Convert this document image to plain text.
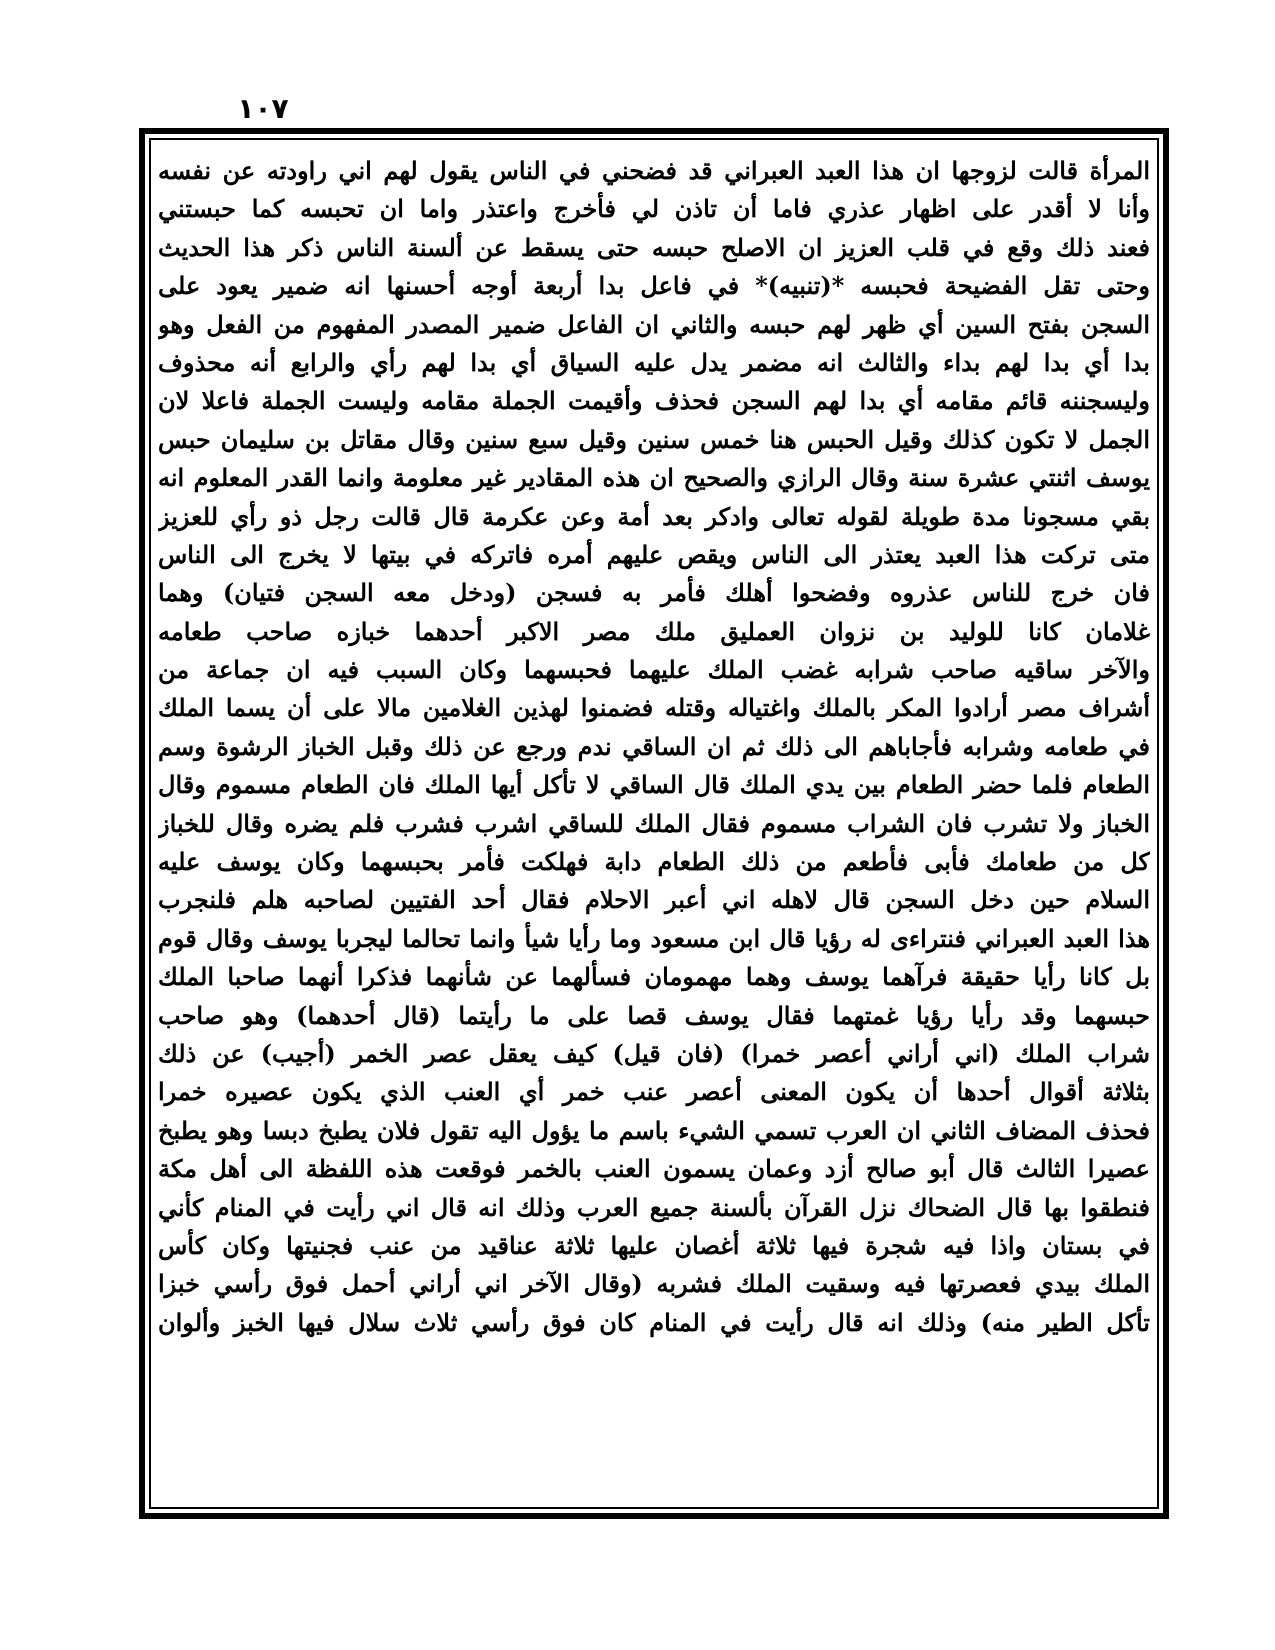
١٠٧
المرأة قالت لزوجها ان هذا العبد العبراني قد فضحني في الناس يقول لهم اني راودته عن نفسه
وأنا لا أقدر على اظهار عذري فاما أن تاذن لي فأخرج واعتذر واما ان تحبسه كما حبستني
فعند ذلك وقع في قلب العزيز ان الاصلح حبسه حتى يسقط عن ألسنة الناس ذكر هذا الحديث
وحتى تقل الفضيحة فحبسه *(تنبيه)* في فاعل بدا أربعة أوجه أحسنها انه ضمير يعود على
السجن بفتح السين أي ظهر لهم حبسه والثاني ان الفاعل ضمير المصدر المفهوم من الفعل وهو
بدا أي بدا لهم بداء والثالث انه مضمر يدل عليه السياق أي بدا لهم رأي والرابع أنه محذوف
وليسجننه قائم مقامه أي بدا لهم السجن فحذف وأقيمت الجملة مقامه وليست الجملة فاعلا لان
الجمل لا تكون كذلك وقيل الحبس هنا خمس سنين وقيل سبع سنين وقال مقاتل بن سليمان حبس
يوسف اثنتي عشرة سنة وقال الرازي والصحيح ان هذه المقادير غير معلومة وانما القدر المعلوم انه
بقي مسجونا مدة طويلة لقوله تعالى وادكر بعد أمة وعن عكرمة قال قالت رجل ذو رأي للعزيز
متى تركت هذا العبد يعتذر الى الناس ويقص عليهم أمره فاتركه في بيتها لا يخرج الى الناس
فان خرج للناس عذروه وفضحوا أهلك فأمر به فسجن (ودخل معه السجن فتيان) وهما
غلامان كانا للوليد بن نزوان العمليق ملك مصر الاكبر أحدهما خبازه صاحب طعامه
والآخر ساقيه صاحب شرابه غضب الملك عليهما فحبسهما وكان السبب فيه ان جماعة من
أشراف مصر أرادوا المكر بالملك واغتياله وقتله فضمنوا لهذين الغلامين مالا على أن يسما الملك
في طعامه وشرابه فأجاباهم الى ذلك ثم ان الساقي ندم ورجع عن ذلك وقبل الخباز الرشوة وسم
الطعام فلما حضر الطعام بين يدي الملك قال الساقي لا تأكل أيها الملك فان الطعام مسموم وقال
الخباز ولا تشرب فان الشراب مسموم فقال الملك للساقي اشرب فشرب فلم يضره وقال للخباز
كل من طعامك فأبى فأطعم من ذلك الطعام دابة فهلكت فأمر بحبسهما وكان يوسف عليه
السلام حين دخل السجن قال لاهله اني أعبر الاحلام فقال أحد الفتيين لصاحبه هلم فلنجرب
هذا العبد العبراني فنتراءى له رؤيا قال ابن مسعود وما رأيا شيأ وانما تحالما ليجربا يوسف وقال قوم
بل كانا رأيا حقيقة فرآهما يوسف وهما مهمومان فسألهما عن شأنهما فذكرا أنهما صاحبا الملك
حبسهما وقد رأيا رؤيا غمتهما فقال يوسف قصا على ما رأيتما (قال أحدهما) وهو صاحب
شراب الملك (اني أراني أعصر خمرا) (فان قيل) كيف يعقل عصر الخمر (أجيب) عن ذلك
بثلاثة أقوال أحدها أن يكون المعنى أعصر عنب خمر أي العنب الذي يكون عصيره خمرا
فحذف المضاف الثاني ان العرب تسمي الشيء باسم ما يؤول اليه تقول فلان يطبخ دبسا وهو يطبخ
عصيرا الثالث قال أبو صالح أزد وعمان يسمون العنب بالخمر فوقعت هذه اللفظة الى أهل مكة
فنطقوا بها قال الضحاك نزل القرآن بألسنة جميع العرب وذلك انه قال اني رأيت في المنام كأني
في بستان واذا فيه شجرة فيها ثلاثة أغصان عليها ثلاثة عناقيد من عنب فجنيتها وكان كأس
الملك بيدي فعصرتها فيه وسقيت الملك فشربه (وقال الآخر اني أراني أحمل فوق رأسي خبزا
تأكل الطير منه) وذلك انه قال رأيت في المنام كان فوق رأسي ثلاث سلال فيها الخبز وألوان
